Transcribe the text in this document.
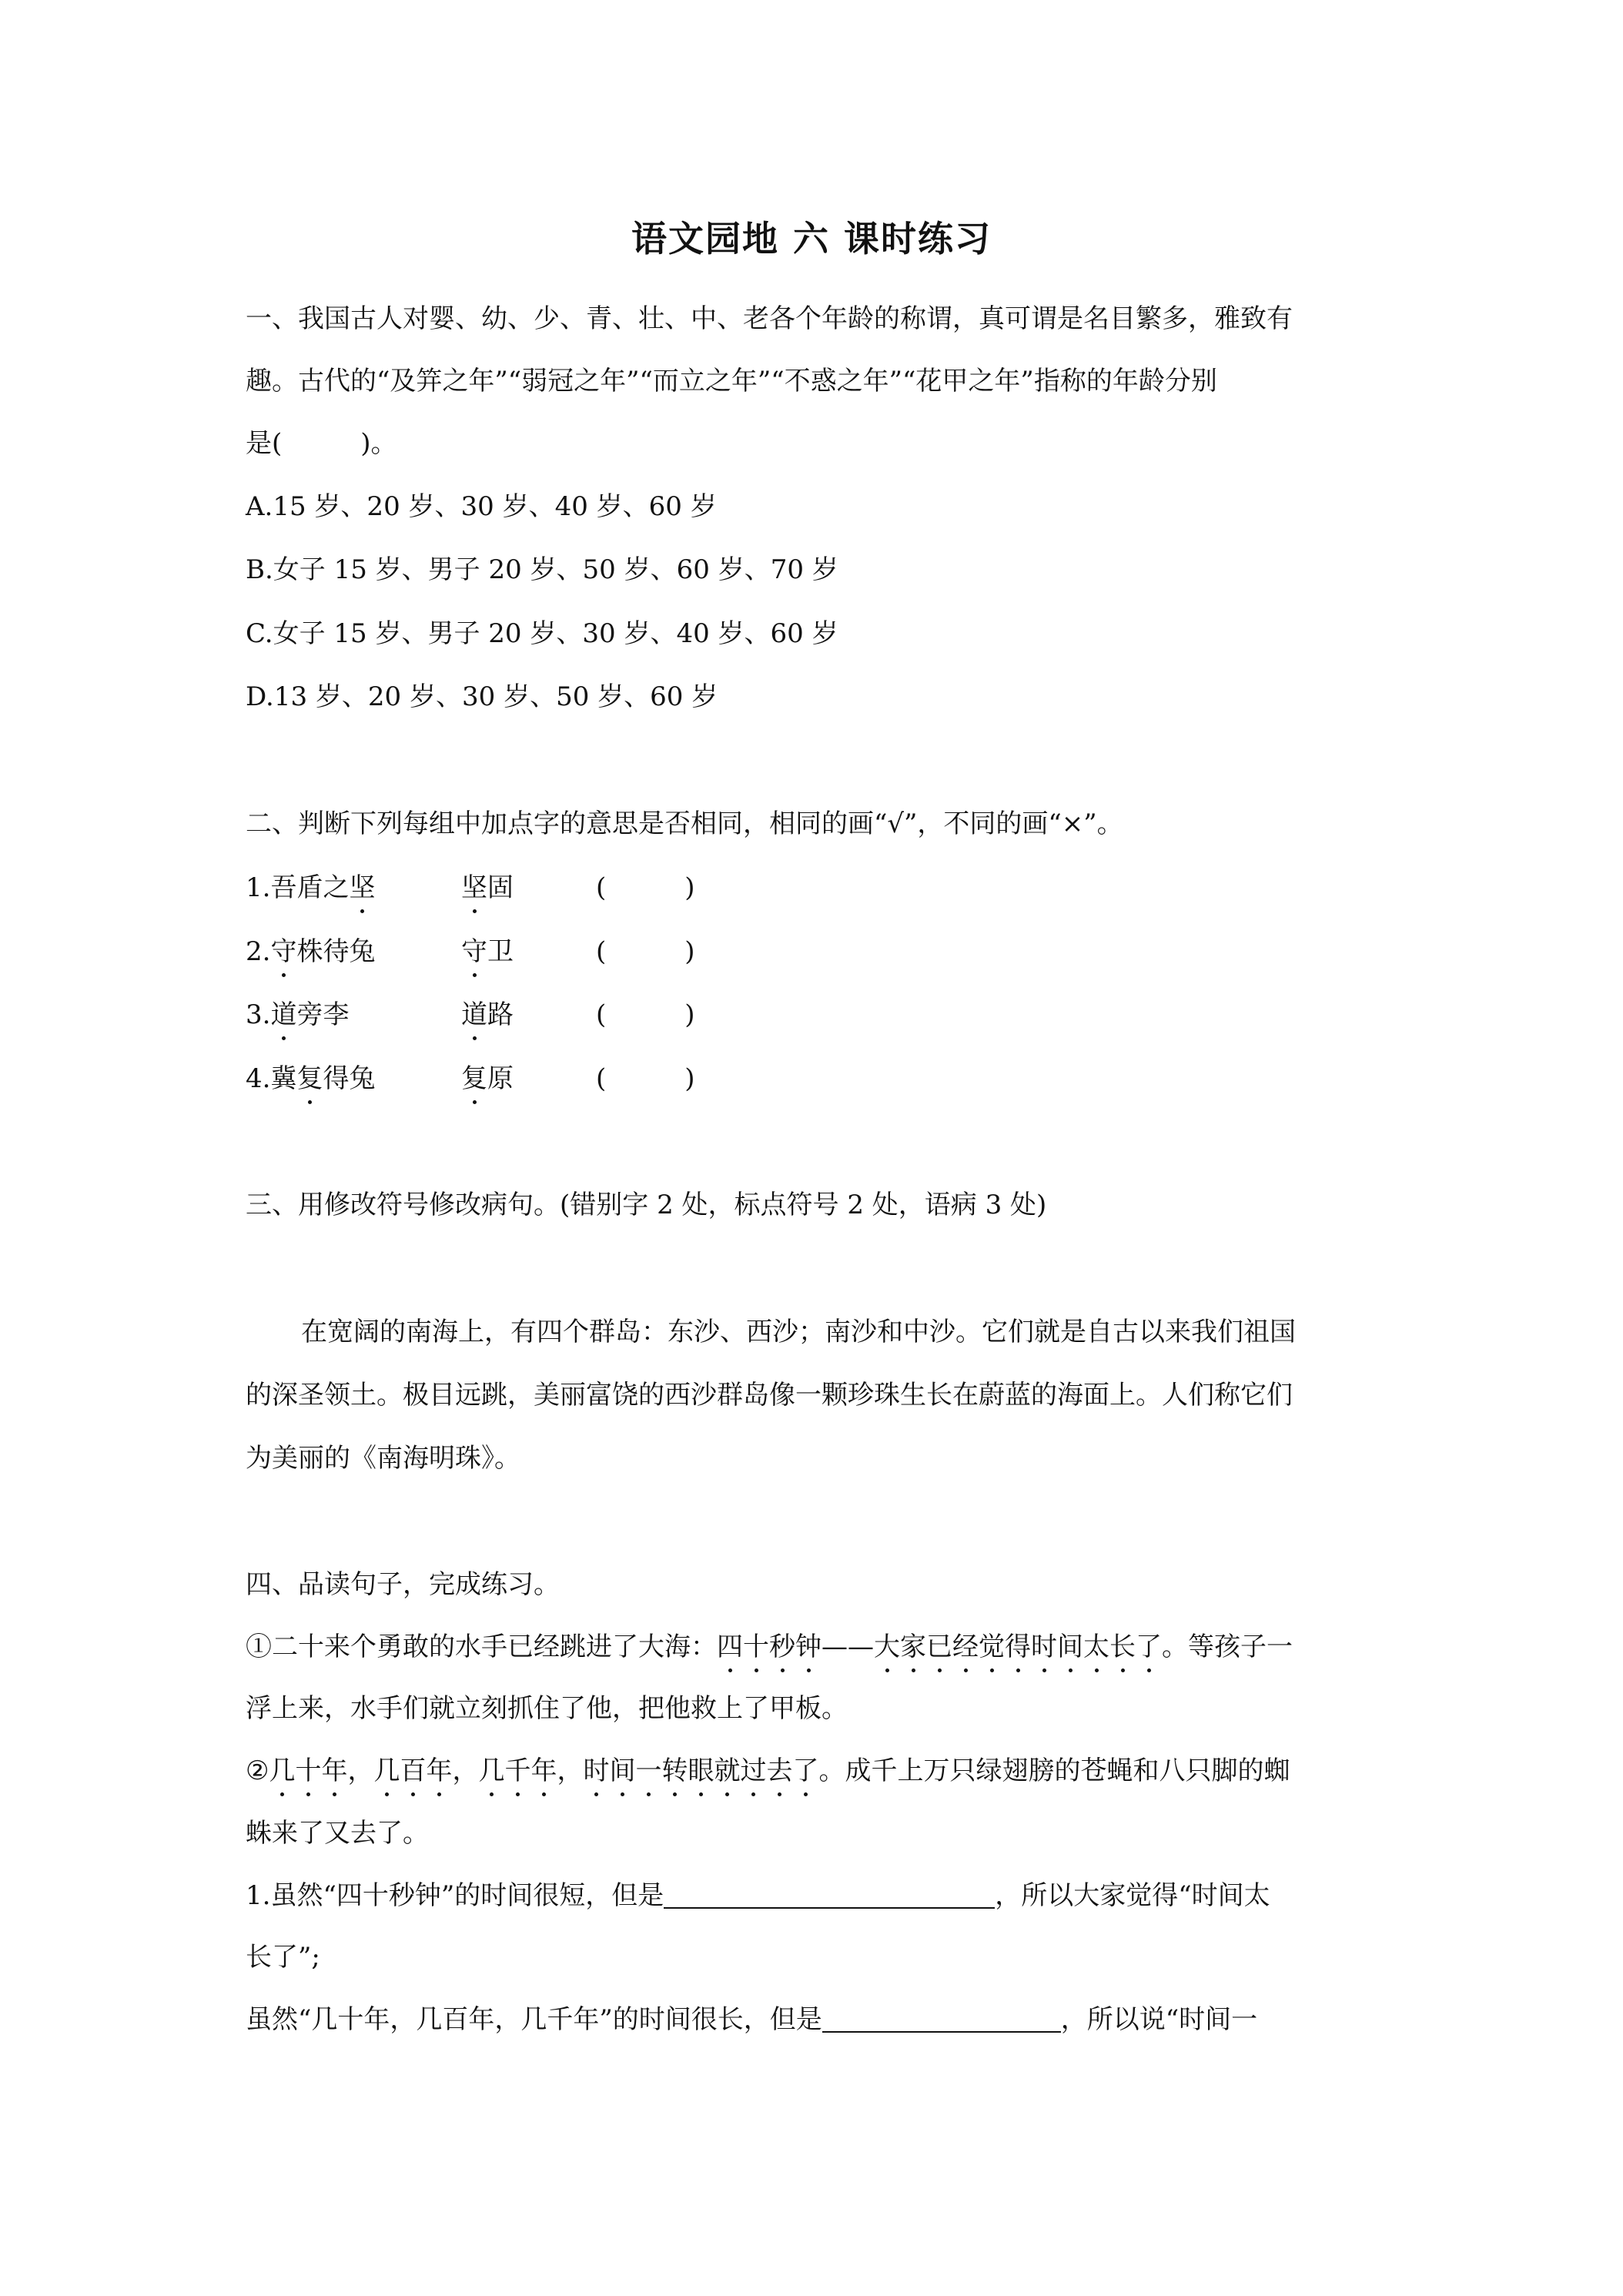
语文园地 六 课时练习
一、我国古人对婴、幼、少、青、壮、中、老各个年龄的称谓，真可谓是名目繁多，雅致有
趣。古代的“及笄之年”“弱冠之年”“而立之年”“不惑之年”“花甲之年”指称的年龄分别
是(　　　)。
A.15 岁、20 岁、30 岁、40 岁、60 岁
B.女子 15 岁、男子 20 岁、50 岁、60 岁、70 岁
C.女子 15 岁、男子 20 岁、30 岁、40 岁、60 岁
D.13 岁、20 岁、30 岁、50 岁、60 岁
二、判断下列每组中加点字的意思是否相同，相同的画“√”，不同的画“×”。
1.吾盾之坚	坚固	(　　　)
2.守株待兔	守卫	(　　　)
3.道旁李	道路	(　　　)
4.冀复得兔	复原	(　　　)
三、用修改符号修改病句。(错别字 2 处，标点符号 2 处，语病 3 处)
在宽阔的南海上，有四个群岛：东沙、西沙；南沙和中沙。它们就是自古以来我们祖国
的深圣领土。极目远跳，美丽富饶的西沙群岛像一颗珍珠生长在蔚蓝的海面上。人们称它们
为美丽的《南海明珠》。
四、品读句子，完成练习。
①二十来个勇敢的水手已经跳进了大海：四十秒钟——大家已经觉得时间太长了。等孩子一
浮上来，水手们就立刻抓住了他，把他救上了甲板。
②几十年，几百年，几千年，时间一转眼就过去了。成千上万只绿翅膀的苍蝇和八只脚的蜘
蛛来了又去了。
1.虽然“四十秒钟”的时间很短，但是	，所以大家觉得“时间太
长了”;
虽然“几十年，几百年，几千年”的时间很长，但是	，所以说“时间一
